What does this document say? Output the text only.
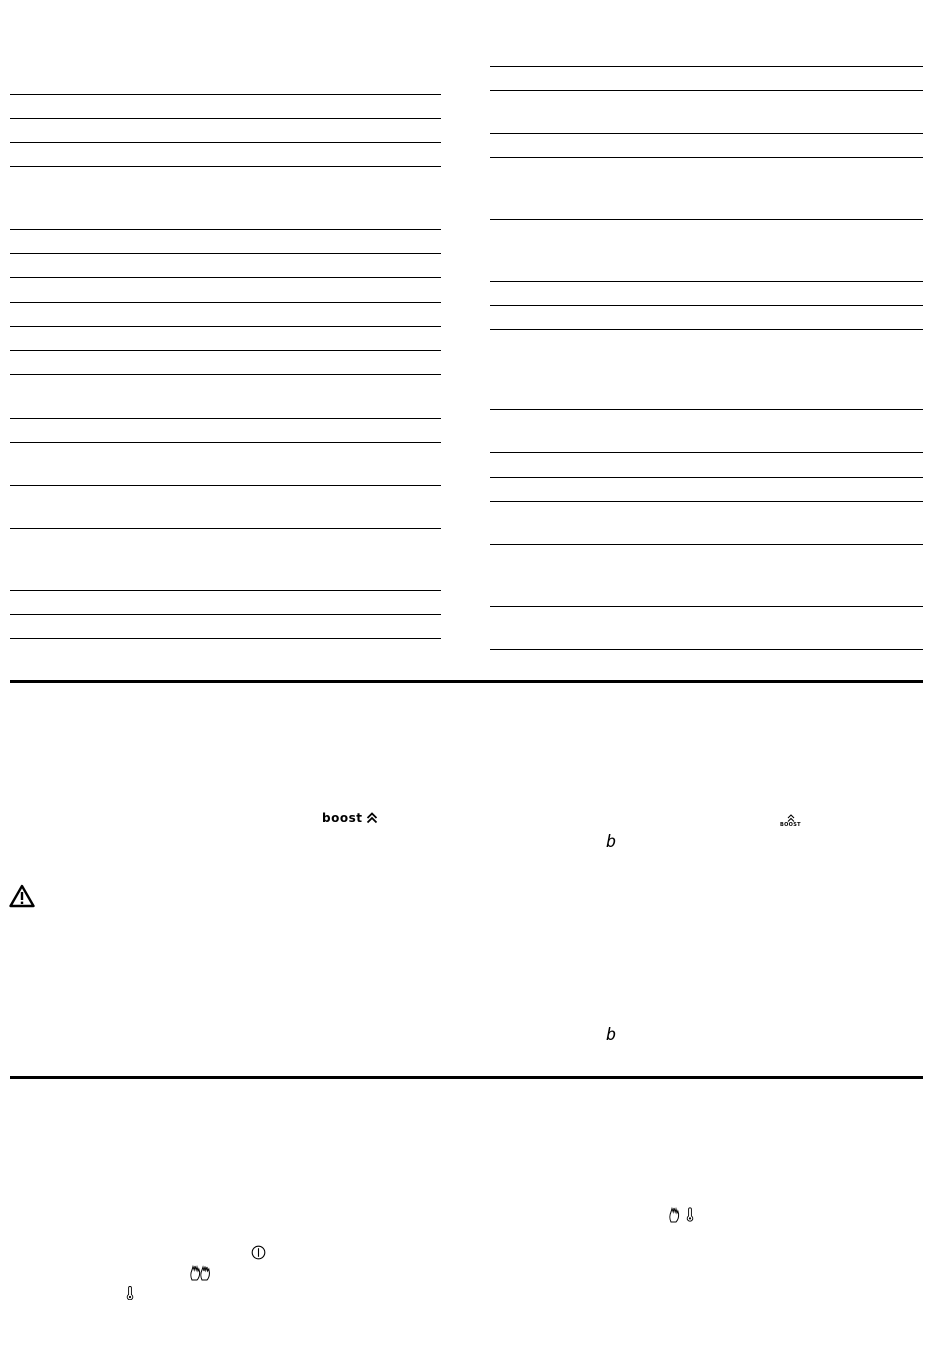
boost	BOOST
b
b
